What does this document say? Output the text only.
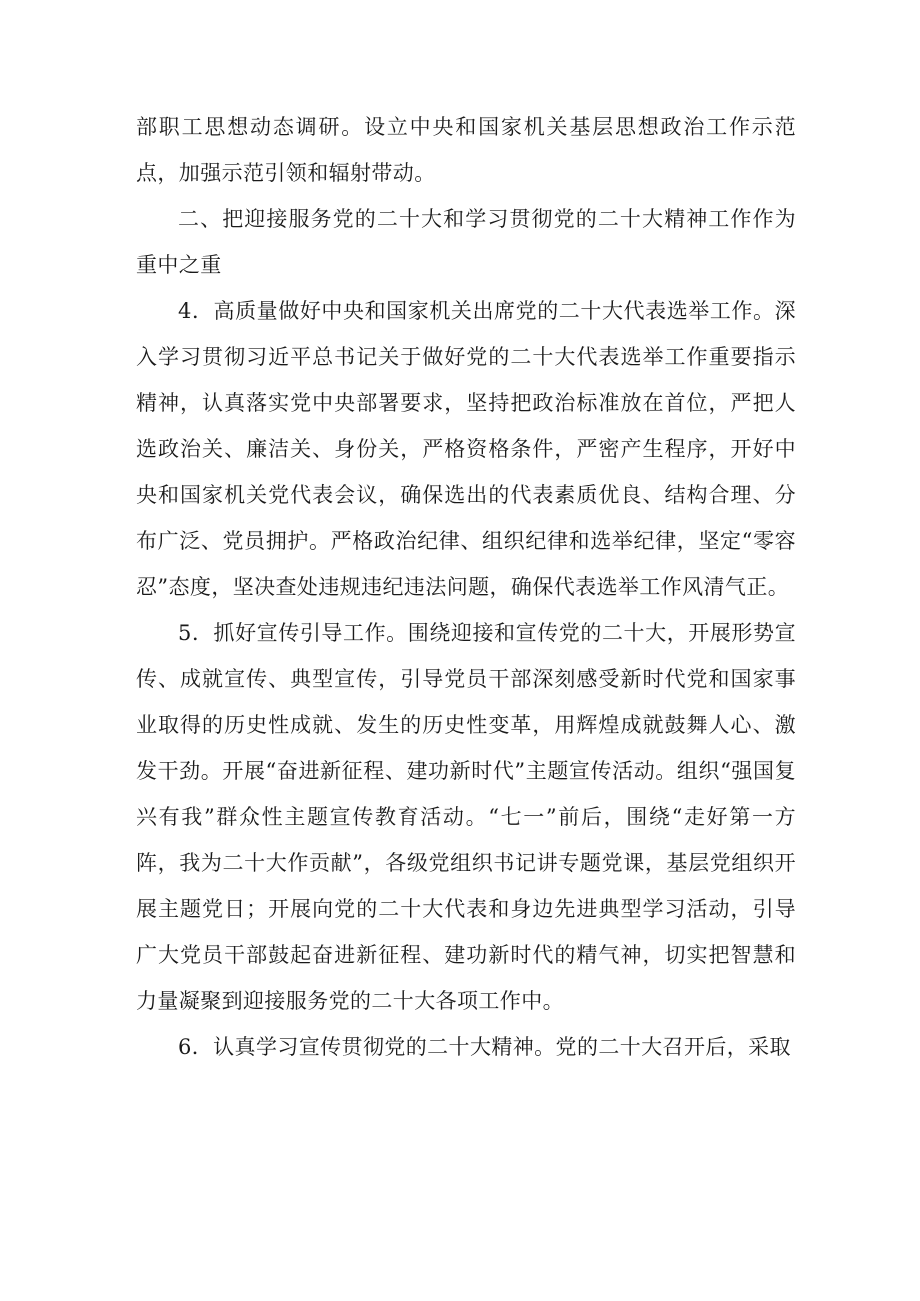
部职工思想动态调研。设立中央和国家机关基层思想政治工作示范点，加强示范引领和辐射带动。

二、把迎接服务党的二十大和学习贯彻党的二十大精神工作作为重中之重

4．高质量做好中央和国家机关出席党的二十大代表选举工作。深入学习贯彻习近平总书记关于做好党的二十大代表选举工作重要指示精神，认真落实党中央部署要求，坚持把政治标准放在首位，严把人选政治关、廉洁关、身份关，严格资格条件，严密产生程序，开好中央和国家机关党代表会议，确保选出的代表素质优良、结构合理、分布广泛、党员拥护。严格政治纪律、组织纪律和选举纪律，坚定“零容忍”态度，坚决查处违规违纪违法问题，确保代表选举工作风清气正。

5．抓好宣传引导工作。围绕迎接和宣传党的二十大，开展形势宣传、成就宣传、典型宣传，引导党员干部深刻感受新时代党和国家事业取得的历史性成就、发生的历史性变革，用辉煌成就鼓舞人心、激发干劲。开展“奋进新征程、建功新时代”主题宣传活动。组织“强国复兴有我”群众性主题宣传教育活动。“七一”前后，围绕“走好第一方阵，我为二十大作贡献”，各级党组织书记讲专题党课，基层党组织开展主题党日；开展向党的二十大代表和身边先进典型学习活动，引导广大党员干部鼓起奋进新征程、建功新时代的精气神，切实把智慧和力量凝聚到迎接服务党的二十大各项工作中。

6．认真学习宣传贯彻党的二十大精神。党的二十大召开后，采取
